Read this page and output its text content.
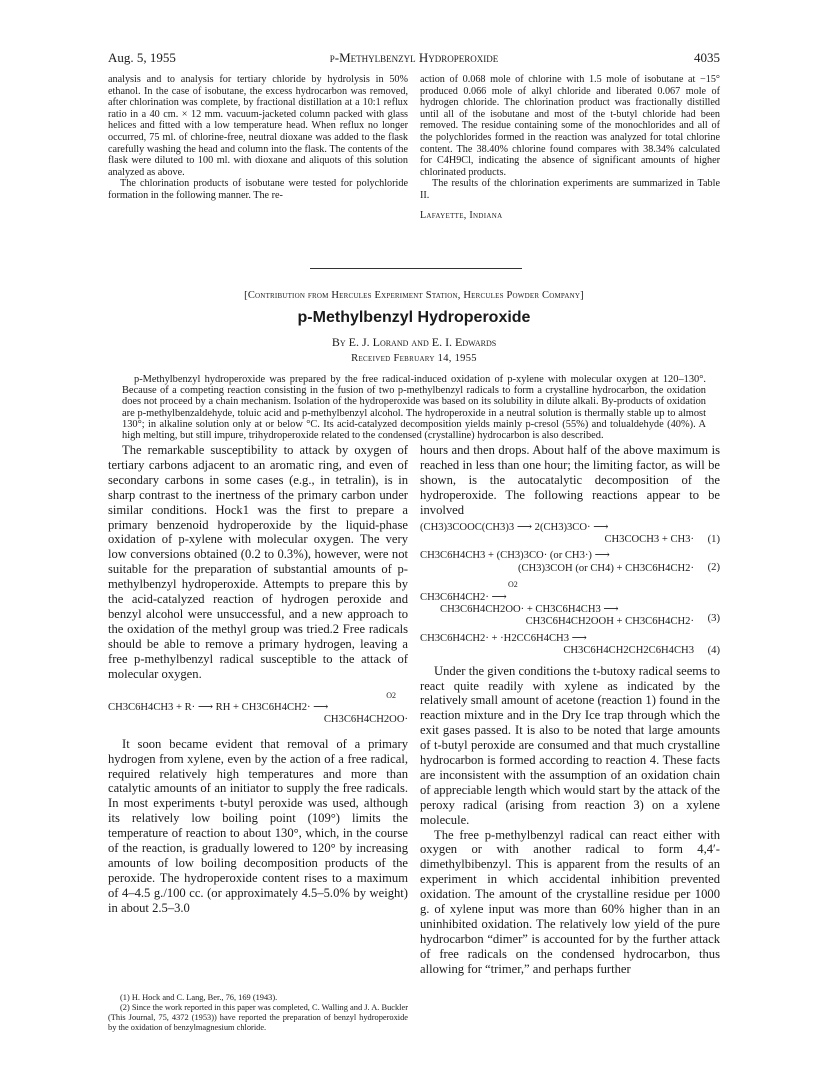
Aug. 5, 1955	p-Methylbenzyl Hydroperoxide	4035

analysis and to analysis for tertiary chloride by hydrolysis in 50% ethanol. In the case of isobutane, the excess hydrocarbon was removed, after chlorination was complete, by fractional distillation at a 10:1 reflux ratio in a 40 cm. × 12 mm. vacuum-jacketed column packed with glass helices and fitted with a low temperature head. When reflux no longer occurred, 75 ml. of chlorine-free, neutral dioxane was added to the flask carefully washing the head and column into the flask. The contents of the flask were diluted to 100 ml. with dioxane and aliquots of this solution analyzed as above.

The chlorination products of isobutane were tested for polychloride formation in the following manner. The re-

action of 0.068 mole of chlorine with 1.5 mole of isobutane at −15° produced 0.066 mole of alkyl chloride and liberated 0.067 mole of hydrogen chloride. The chlorination product was fractionally distilled until all of the isobutane and most of the t-butyl chloride had been removed. The residue containing some of the monochlorides and all of the polychlorides formed in the reaction was analyzed for total chlorine content. The 38.40% chlorine found compares with 38.34% calculated for C4H9Cl, indicating the absence of significant amounts of higher chlorinated products.

The results of the chlorination experiments are summarized in Table II.

Lafayette, Indiana
[Contribution from Hercules Experiment Station, Hercules Powder Company]
p-Methylbenzyl Hydroperoxide
By E. J. Lorand and E. I. Edwards
Received February 14, 1955

p-Methylbenzyl hydroperoxide was prepared by the free radical-induced oxidation of p-xylene with molecular oxygen at 120–130°. Because of a competing reaction consisting in the fusion of two p-methylbenzyl radicals to form a crystalline hydrocarbon, the oxidation does not proceed by a chain mechanism. Isolation of the hydroperoxide was based on its solubility in dilute alkali. By-products of oxidation are p-methylbenzaldehyde, toluic acid and p-methylbenzyl alcohol. The hydroperoxide in a neutral solution is thermally stable up to almost 130°; in alkaline solution only at or below °C. Its acid-catalyzed decomposition yields mainly p-cresol (55%) and tolualdehyde (40%). A high melting, but still impure, trihydroperoxide related to the condensed (crystalline) hydrocarbon is also described.

The remarkable susceptibility to attack by oxygen of tertiary carbons adjacent to an aromatic ring, and even of secondary carbons in some cases (e.g., in tetralin), is in sharp contrast to the inertness of the primary carbon under similar conditions. Hock1 was the first to prepare a primary benzenoid hydroperoxide by the liquid-phase oxidation of p-xylene with molecular oxygen. The very low conversions obtained (0.2 to 0.3%), however, were not suitable for the preparation of substantial amounts of p-methylbenzyl hydroperoxide. Attempts to prepare this by the acid-catalyzed reaction of hydrogen peroxide and benzyl alcohol were unsuccessful, and a new approach to the oxidation of the methyl group was tried.2 Free radicals should be able to remove a primary hydrogen, leaving a free p-methylbenzyl radical susceptible to the attack of molecular oxygen.

O2
CH3C6H4CH3 + R· ⟶ RH + CH3C6H4CH2· ⟶
CH3C6H4CH2OO·

It soon became evident that removal of a primary hydrogen from xylene, even by the action of a free radical, required relatively high temperatures and more than catalytic amounts of an initiator to supply the free radicals. In most experiments t-butyl peroxide was used, although its relatively low boiling point (109°) limits the temperature of reaction to about 130°, which, in the course of the reaction, is gradually lowered to 120° by increasing amounts of low boiling decomposition products of the peroxide. The hydroperoxide content rises to a maximum of 4–4.5 g./100 cc. (or approximately 4.5–5.0% by weight) in about 2.5–3.0

(1) H. Hock and C. Lang, Ber., 76, 169 (1943).
(2) Since the work reported in this paper was completed, C. Walling and J. A. Buckler (This Journal, 75, 4372 (1953)) have reported the preparation of benzyl hydroperoxide by the oxidation of benzylmagnesium chloride.

hours and then drops. About half of the above maximum is reached in less than one hour; the limiting factor, as will be shown, is the autocatalytic decomposition of the hydroperoxide. The following reactions appear to be involved

(CH3)3COOC(CH3)3 ⟶ 2(CH3)3CO· ⟶
CH3COCH3 + CH3·	(1)
CH3C6H4CH3 + (CH3)3CO· (or CH3·) ⟶
(CH3)3COH (or CH4) + CH3C6H4CH2·	(2)
O2
CH3C6H4CH2· ⟶
CH3C6H4CH2OO· + CH3C6H4CH3 ⟶
CH3C6H4CH2OOH + CH3C6H4CH2·	(3)
CH3C6H4CH2· + ·H2CC6H4CH3 ⟶
CH3C6H4CH2CH2C6H4CH3	(4)

Under the given conditions the t-butoxy radical seems to react quite readily with xylene as indicated by the relatively small amount of acetone (reaction 1) found in the reaction mixture and in the Dry Ice trap through which the exit gases passed. It is also to be noted that large amounts of t-butyl peroxide are consumed and that much crystalline hydrocarbon is formed according to reaction 4. These facts are inconsistent with the assumption of an oxidation chain of appreciable length which would start by the attack of the peroxy radical (arising from reaction 3) on a xylene molecule.

The free p-methylbenzyl radical can react either with oxygen or with another radical to form 4,4′-dimethylbibenzyl. This is apparent from the results of an experiment in which accidental inhibition prevented oxidation. The amount of the crystalline residue per 1000 g. of xylene input was more than 60% higher than in an uninhibited oxidation. The relatively low yield of the pure hydrocarbon “dimer” is accounted for by the further attack of free radicals on the condensed hydrocarbon, thus allowing for “trimer,” and perhaps further
